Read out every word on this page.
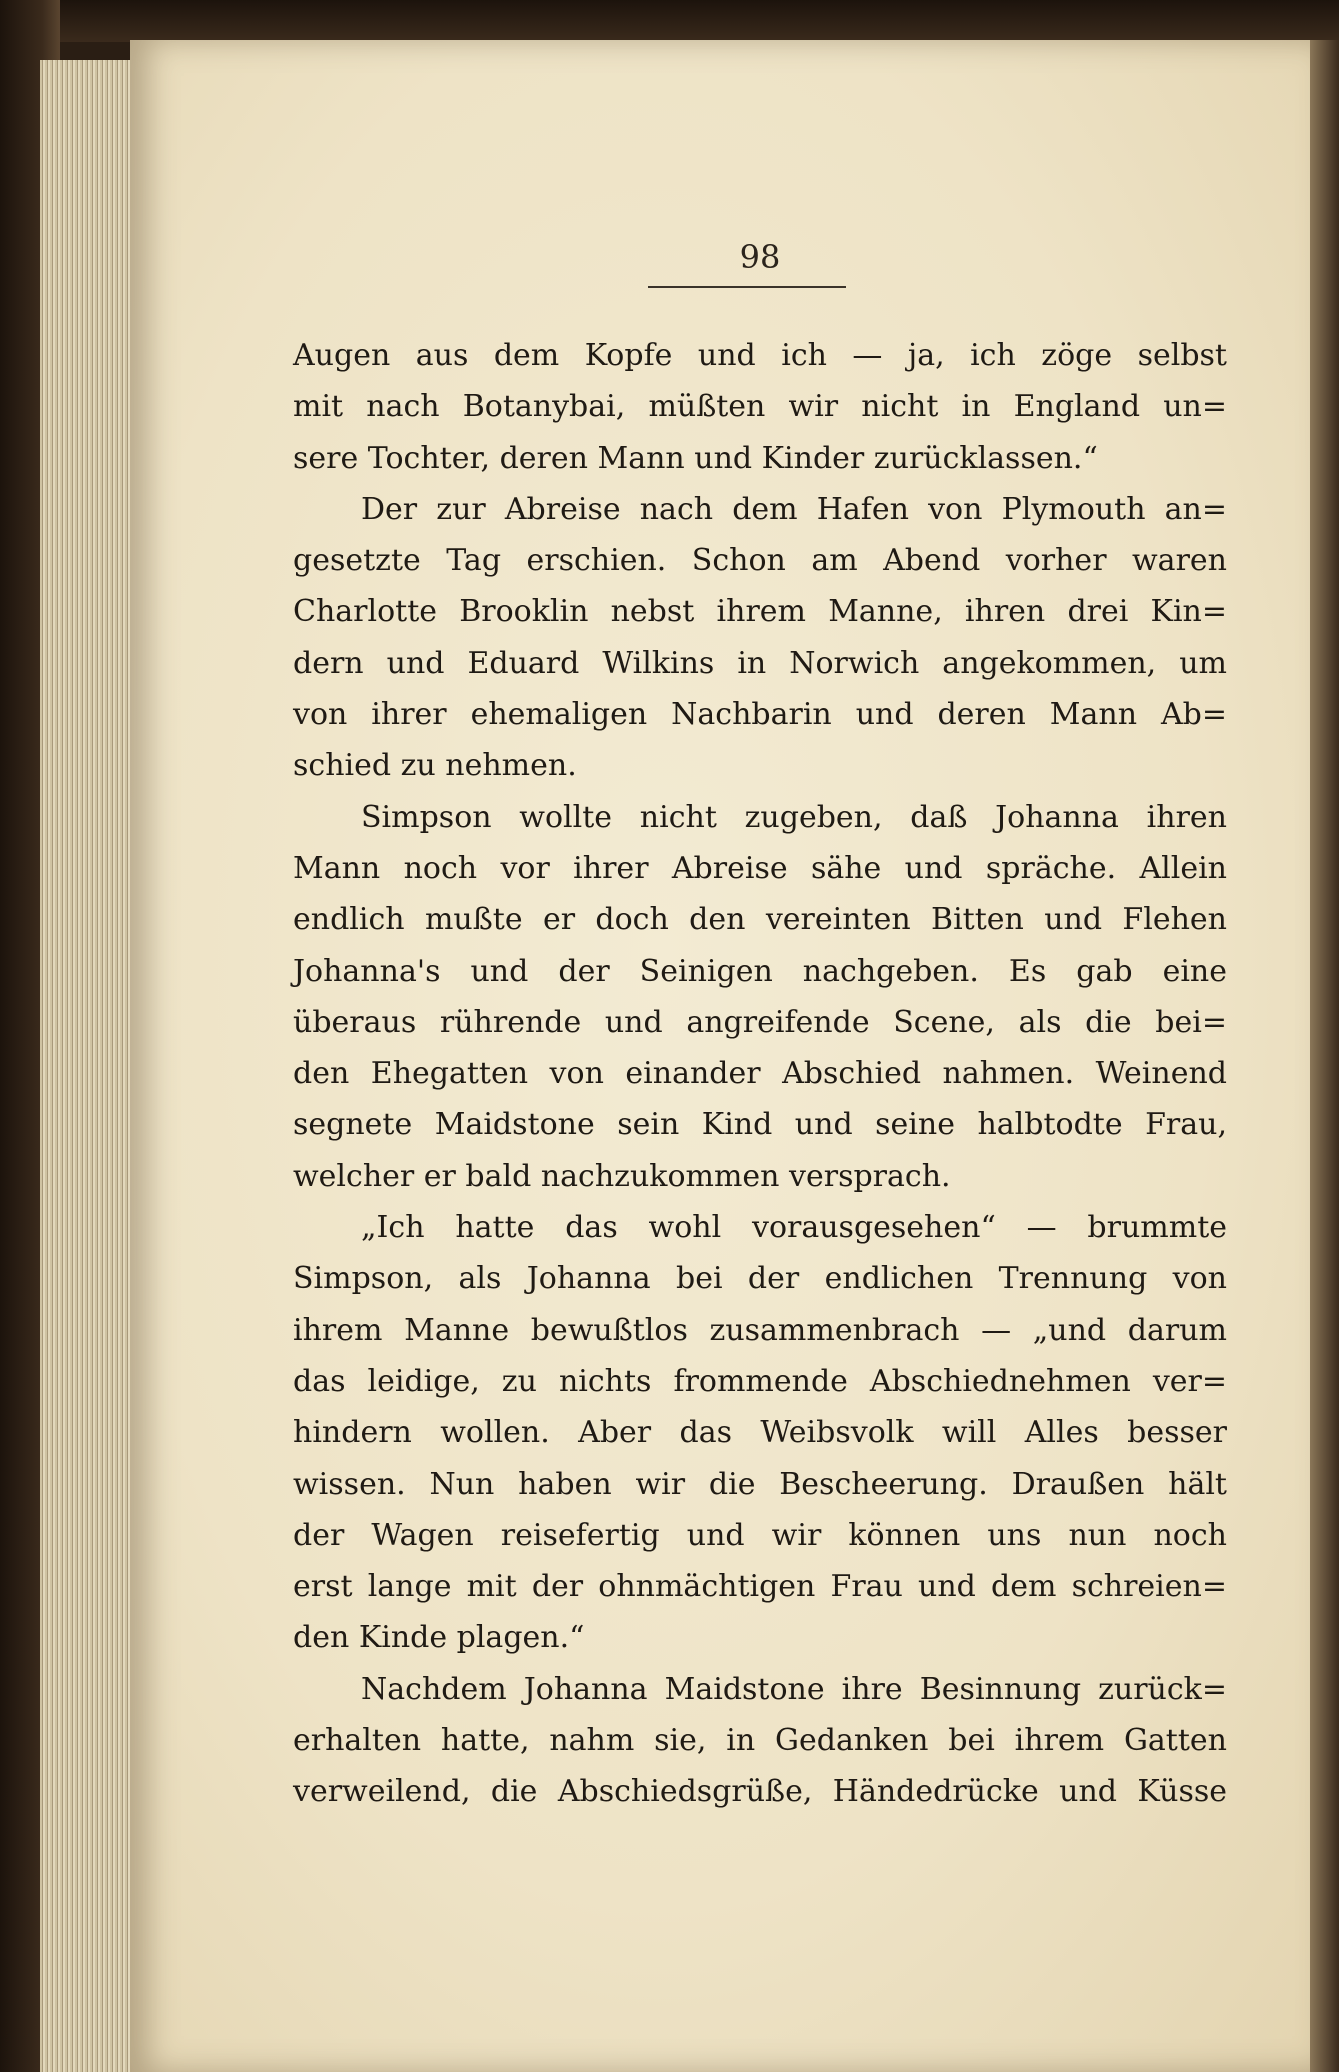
98
Augen aus dem Kopfe und ich — ja, ich zöge selbst
mit nach Botanybai, müßten wir nicht in England un=
sere Tochter, deren Mann und Kinder zurücklassen.“
Der zur Abreise nach dem Hafen von Plymouth an=
gesetzte Tag erschien. Schon am Abend vorher waren
Charlotte Brooklin nebst ihrem Manne, ihren drei Kin=
dern und Eduard Wilkins in Norwich angekommen, um
von ihrer ehemaligen Nachbarin und deren Mann Ab=
schied zu nehmen.
Simpson wollte nicht zugeben, daß Johanna ihren
Mann noch vor ihrer Abreise sähe und spräche. Allein
endlich mußte er doch den vereinten Bitten und Flehen
Johanna's und der Seinigen nachgeben. Es gab eine
überaus rührende und angreifende Scene, als die bei=
den Ehegatten von einander Abschied nahmen. Weinend
segnete Maidstone sein Kind und seine halbtodte Frau,
welcher er bald nachzukommen versprach.
„Ich hatte das wohl vorausgesehen“ — brummte
Simpson, als Johanna bei der endlichen Trennung von
ihrem Manne bewußtlos zusammenbrach — „und darum
das leidige, zu nichts frommende Abschiednehmen ver=
hindern wollen. Aber das Weibsvolk will Alles besser
wissen. Nun haben wir die Bescheerung. Draußen hält
der Wagen reisefertig und wir können uns nun noch
erst lange mit der ohnmächtigen Frau und dem schreien=
den Kinde plagen.“
Nachdem Johanna Maidstone ihre Besinnung zurück=
erhalten hatte, nahm sie, in Gedanken bei ihrem Gatten
verweilend, die Abschiedsgrüße, Händedrücke und Küsse
